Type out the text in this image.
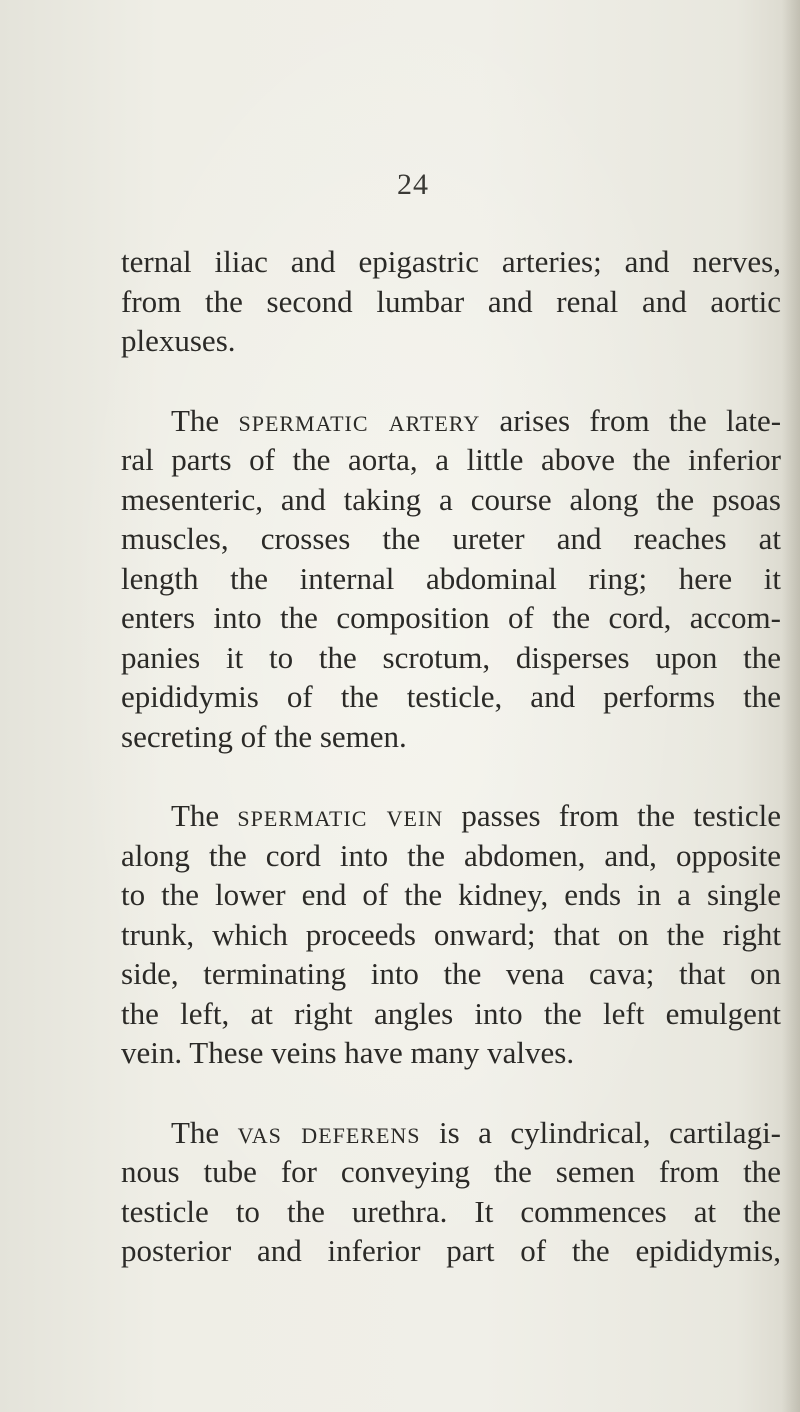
24
ternal iliac and epigastric arteries; and nerves,
from the second lumbar and renal and aortic
plexuses.
The spermatic artery arises from the late-
ral parts of the aorta, a little above the inferior
mesenteric, and taking a course along the psoas
muscles, crosses the ureter and reaches at
length the internal abdominal ring; here it
enters into the composition of the cord, accom-
panies it to the scrotum, disperses upon the
epididymis of the testicle, and performs the
secreting of the semen.
The spermatic vein passes from the testicle
along the cord into the abdomen, and, opposite
to the lower end of the kidney, ends in a single
trunk, which proceeds onward; that on the right
side, terminating into the vena cava; that on
the left, at right angles into the left emulgent
vein. These veins have many valves.
The vas deferens is a cylindrical, cartilagi-
nous tube for conveying the semen from the
testicle to the urethra. It commences at the
posterior and inferior part of the epididymis,
